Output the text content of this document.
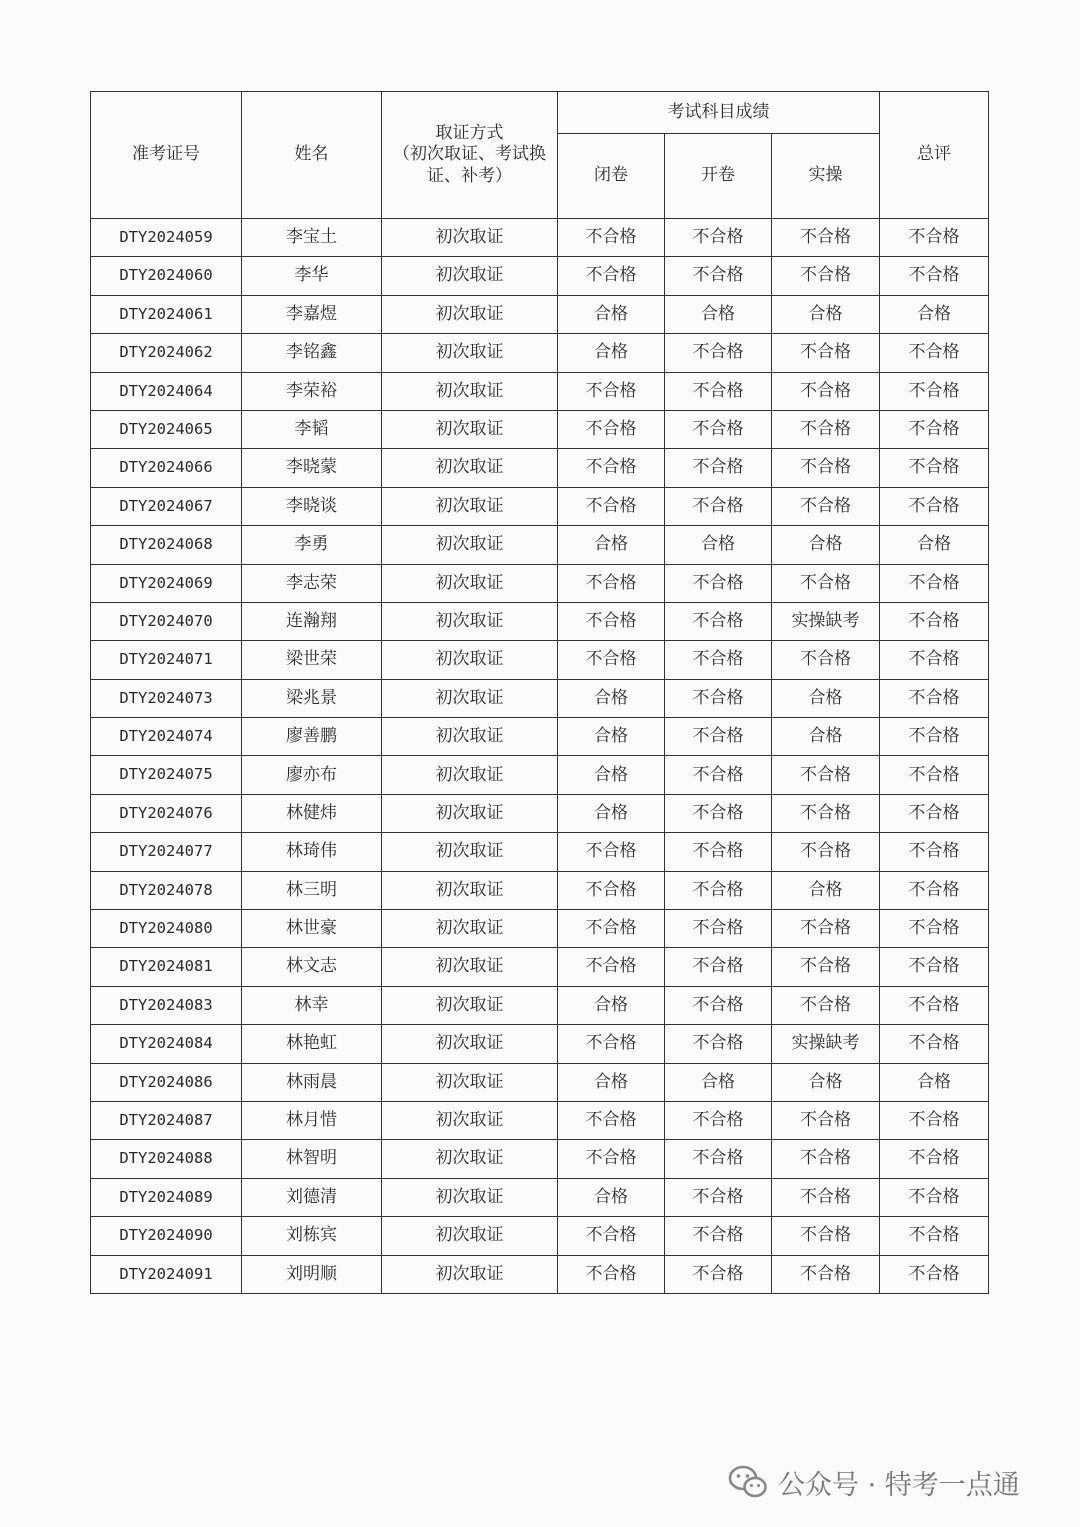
准考证号	姓名	取证方式
（初次取证、考试换
证、补考）	考试科目成绩			总评
			闭卷	开卷	实操	
DTY2024059	李宝土	初次取证	不合格	不合格	不合格	不合格
DTY2024060	李华	初次取证	不合格	不合格	不合格	不合格
DTY2024061	李嘉煜	初次取证	合格	合格	合格	合格
DTY2024062	李铭鑫	初次取证	合格	不合格	不合格	不合格
DTY2024064	李荣裕	初次取证	不合格	不合格	不合格	不合格
DTY2024065	李韬	初次取证	不合格	不合格	不合格	不合格
DTY2024066	李晓蒙	初次取证	不合格	不合格	不合格	不合格
DTY2024067	李晓谈	初次取证	不合格	不合格	不合格	不合格
DTY2024068	李勇	初次取证	合格	合格	合格	合格
DTY2024069	李志荣	初次取证	不合格	不合格	不合格	不合格
DTY2024070	连瀚翔	初次取证	不合格	不合格	实操缺考	不合格
DTY2024071	梁世荣	初次取证	不合格	不合格	不合格	不合格
DTY2024073	梁兆景	初次取证	合格	不合格	合格	不合格
DTY2024074	廖善鹏	初次取证	合格	不合格	合格	不合格
DTY2024075	廖亦布	初次取证	合格	不合格	不合格	不合格
DTY2024076	林健炜	初次取证	合格	不合格	不合格	不合格
DTY2024077	林琦伟	初次取证	不合格	不合格	不合格	不合格
DTY2024078	林三明	初次取证	不合格	不合格	合格	不合格
DTY2024080	林世豪	初次取证	不合格	不合格	不合格	不合格
DTY2024081	林文志	初次取证	不合格	不合格	不合格	不合格
DTY2024083	林幸	初次取证	合格	不合格	不合格	不合格
DTY2024084	林艳虹	初次取证	不合格	不合格	实操缺考	不合格
DTY2024086	林雨晨	初次取证	合格	合格	合格	合格
DTY2024087	林月惜	初次取证	不合格	不合格	不合格	不合格
DTY2024088	林智明	初次取证	不合格	不合格	不合格	不合格
DTY2024089	刘德清	初次取证	合格	不合格	不合格	不合格
DTY2024090	刘栋宾	初次取证	不合格	不合格	不合格	不合格
DTY2024091	刘明顺	初次取证	不合格	不合格	不合格	不合格
公众号 · 特考一点通
